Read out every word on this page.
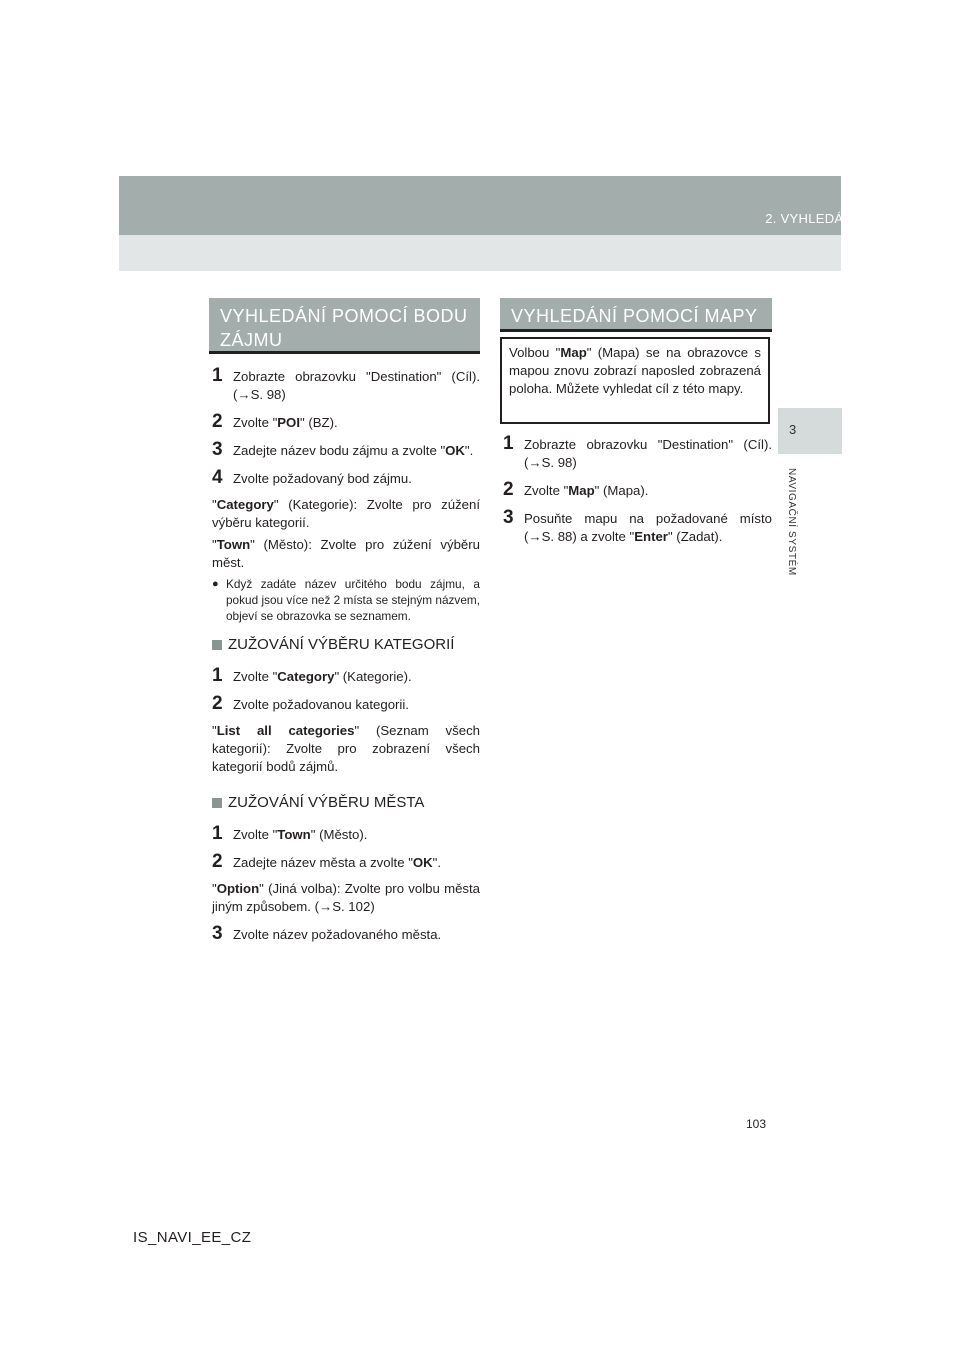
2. VYHLEDÁNÍ CÍLE
3
NAVIGAČNÍ SYSTÉM
VYHLEDÁNÍ POMOCÍ BODU ZÁJMU
1 Zobrazte obrazovku "Destination" (Cíl). (→S. 98)
2 Zvolte "POI" (BZ).
3 Zadejte název bodu zájmu a zvolte "OK".
4 Zvolte požadovaný bod zájmu.
"Category" (Kategorie): Zvolte pro zúžení výběru kategorií.
"Town" (Město): Zvolte pro zúžení výběru měst.
● Když zadáte název určitého bodu zájmu, a pokud jsou více než 2 místa se stejným názvem, objeví se obrazovka se seznamem.
ZUŽOVÁNÍ VÝBĚRU KATEGORIÍ
1 Zvolte "Category" (Kategorie).
2 Zvolte požadovanou kategorii.
"List all categories" (Seznam všech kategorií): Zvolte pro zobrazení všech kategorií bodů zájmů.
ZUŽOVÁNÍ VÝBĚRU MĚSTA
1 Zvolte "Town" (Město).
2 Zadejte název města a zvolte "OK".
"Option" (Jiná volba): Zvolte pro volbu města jiným způsobem. (→S. 102)
3 Zvolte název požadovaného města.
VYHLEDÁNÍ POMOCÍ MAPY
Volbou "Map" (Mapa) se na obrazovce s mapou znovu zobrazí naposled zobrazená poloha. Můžete vyhledat cíl z této mapy.
1 Zobrazte obrazovku "Destination" (Cíl). (→S. 98)
2 Zvolte "Map" (Mapa).
3 Posuňte mapu na požadované místo (→S. 88) a zvolte "Enter" (Zadat).
103
IS_NAVI_EE_CZ
